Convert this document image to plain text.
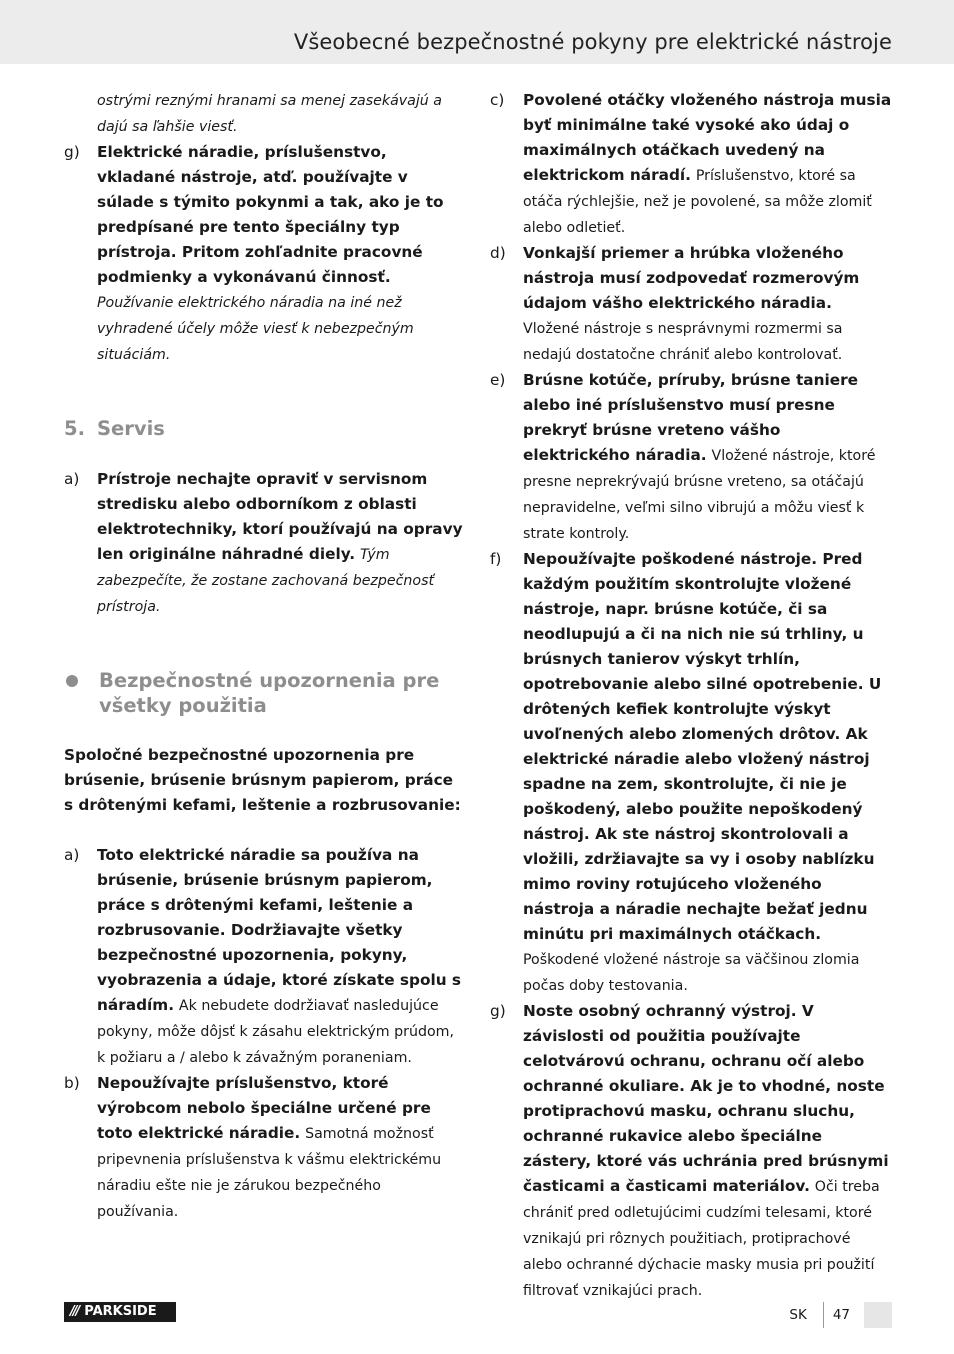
Všeobecné bezpečnostné pokyny pre elektrické nástroje
ostrými reznými hranami sa menej zasekávajú a dajú sa ľahšie viesť.
g)	Elektrické náradie, príslušenstvo, vkladané nástroje, atď. používajte v súlade s týmito pokynmi a tak, ako je to predpísané pre tento špeciálny typ prístroja. Pritom zohľadnite pracovné podmienky a vykonávanú činnosť. Používanie elektrického náradia na iné než vyhradené účely môže viesť k nebezpečným situáciám.
5. Servis
a)	Prístroje nechajte opraviť v servisnom stredisku alebo odborníkom z oblasti elektrotechniky, ktorí používajú na opravy len originálne náhradné diely. Tým zabezpečíte, že zostane zachovaná bezpečnosť prístroja.
Bezpečnostné upozornenia pre všetky použitia
Spoločné bezpečnostné upozornenia pre brúsenie, brúsenie brúsnym papierom, práce s drôtenými kefami, leštenie a rozbrusovanie:
a)	Toto elektrické náradie sa používa na brúsenie, brúsenie brúsnym papierom, práce s drôtenými kefami, leštenie a rozbrusovanie. Dodržiavajte všetky bezpečnostné upozornenia, pokyny, vyobrazenia a údaje, ktoré získate spolu s náradím. Ak nebudete dodržiavať nasledujúce pokyny, môže dôjsť k zásahu elektrickým prúdom, k požiaru a / alebo k závažným poraneniam.
b)	Nepoužívajte príslušenstvo, ktoré výrobcom nebolo špeciálne určené pre toto elektrické náradie. Samotná možnosť pripevnenia príslušenstva k vášmu elektrickému náradiu ešte nie je zárukou bezpečného používania.
c)	Povolené otáčky vloženého nástroja musia byť minimálne také vysoké ako údaj o maximálnych otáčkach uvedený na elektrickom náradí. Príslušenstvo, ktoré sa otáča rýchlejšie, než je povolené, sa môže zlomiť alebo odletieť.
d)	Vonkajší priemer a hrúbka vloženého nástroja musí zodpovedať rozmerovým údajom vášho elektrického náradia. Vložené nástroje s nesprávnymi rozmermi sa nedajú dostatočne chrániť alebo kontrolovať.
e)	Brúsne kotúče, príruby, brúsne taniere alebo iné príslušenstvo musí presne prekryť brúsne vreteno vášho elektrického náradia. Vložené nástroje, ktoré presne neprekrývajú brúsne vreteno, sa otáčajú nepravidelne, veľmi silno vibrujú a môžu viesť k strate kontroly.
f)	Nepoužívajte poškodené nástroje. Pred každým použitím skontrolujte vložené nástroje, napr. brúsne kotúče, či sa neodlupujú a či na nich nie sú trhliny, u brúsnych tanierov výskyt trhlín, opotrebovanie alebo silné opotrebenie. U drôtených kefiek kontrolujte výskyt uvoľnených alebo zlomených drôtov. Ak elektrické náradie alebo vložený nástroj spadne na zem, skontrolujte, či nie je poškodený, alebo použite nepoškodený nástroj. Ak ste nástroj skontrolovali a vložili, zdržiavajte sa vy i osoby nablízku mimo roviny rotujúceho vloženého nástroja a náradie nechajte bežať jednu minútu pri maximálnych otáčkach. Poškodené vložené nástroje sa väčšinou zlomia počas doby testovania.
g)	Noste osobný ochranný výstroj. V závislosti od použitia používajte celotvárovú ochranu, ochranu očí alebo ochranné okuliare. Ak je to vhodné, noste protiprachovú masku, ochranu sluchu, ochranné rukavice alebo špeciálne zástery, ktoré vás uchránia pred brúsnymi časticami a časticami materiálov. Oči treba chrániť pred odletujúcimi cudzími telesami, ktoré vznikajú pri rôznych použitiach, protiprachové alebo ochranné dýchacie masky musia pri použití filtrovať vznikajúci prach.
/// PARKSIDE	SK 47
